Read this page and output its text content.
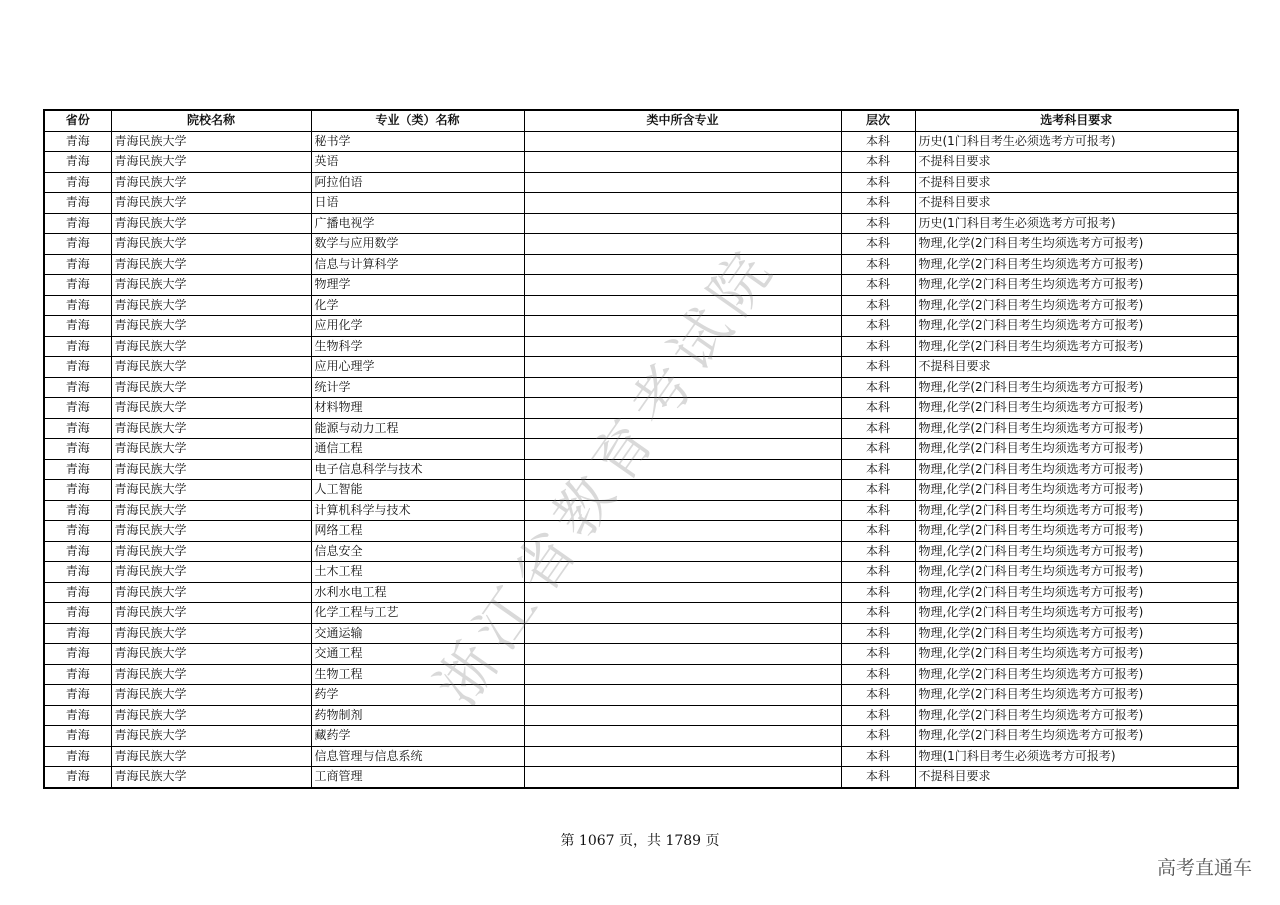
省份	院校名称	专业（类）名称	类中所含专业	层次	选考科目要求
青海	青海民族大学	秘书学		本科	历史(1门科目考生必须选考方可报考)
青海	青海民族大学	英语		本科	不提科目要求
青海	青海民族大学	阿拉伯语		本科	不提科目要求
青海	青海民族大学	日语		本科	不提科目要求
青海	青海民族大学	广播电视学		本科	历史(1门科目考生必须选考方可报考)
青海	青海民族大学	数学与应用数学		本科	物理,化学(2门科目考生均须选考方可报考)
青海	青海民族大学	信息与计算科学		本科	物理,化学(2门科目考生均须选考方可报考)
青海	青海民族大学	物理学		本科	物理,化学(2门科目考生均须选考方可报考)
青海	青海民族大学	化学		本科	物理,化学(2门科目考生均须选考方可报考)
青海	青海民族大学	应用化学		本科	物理,化学(2门科目考生均须选考方可报考)
青海	青海民族大学	生物科学		本科	物理,化学(2门科目考生均须选考方可报考)
青海	青海民族大学	应用心理学		本科	不提科目要求
青海	青海民族大学	统计学		本科	物理,化学(2门科目考生均须选考方可报考)
青海	青海民族大学	材料物理		本科	物理,化学(2门科目考生均须选考方可报考)
青海	青海民族大学	能源与动力工程		本科	物理,化学(2门科目考生均须选考方可报考)
青海	青海民族大学	通信工程		本科	物理,化学(2门科目考生均须选考方可报考)
青海	青海民族大学	电子信息科学与技术		本科	物理,化学(2门科目考生均须选考方可报考)
青海	青海民族大学	人工智能		本科	物理,化学(2门科目考生均须选考方可报考)
青海	青海民族大学	计算机科学与技术		本科	物理,化学(2门科目考生均须选考方可报考)
青海	青海民族大学	网络工程		本科	物理,化学(2门科目考生均须选考方可报考)
青海	青海民族大学	信息安全		本科	物理,化学(2门科目考生均须选考方可报考)
青海	青海民族大学	土木工程		本科	物理,化学(2门科目考生均须选考方可报考)
青海	青海民族大学	水利水电工程		本科	物理,化学(2门科目考生均须选考方可报考)
青海	青海民族大学	化学工程与工艺		本科	物理,化学(2门科目考生均须选考方可报考)
青海	青海民族大学	交通运输		本科	物理,化学(2门科目考生均须选考方可报考)
青海	青海民族大学	交通工程		本科	物理,化学(2门科目考生均须选考方可报考)
青海	青海民族大学	生物工程		本科	物理,化学(2门科目考生均须选考方可报考)
青海	青海民族大学	药学		本科	物理,化学(2门科目考生均须选考方可报考)
青海	青海民族大学	药物制剂		本科	物理,化学(2门科目考生均须选考方可报考)
青海	青海民族大学	藏药学		本科	物理,化学(2门科目考生均须选考方可报考)
青海	青海民族大学	信息管理与信息系统		本科	物理(1门科目考生必须选考方可报考)
青海	青海民族大学	工商管理		本科	不提科目要求
浙江省教育考试院
第 1067 页，共 1789 页
高考直通车
